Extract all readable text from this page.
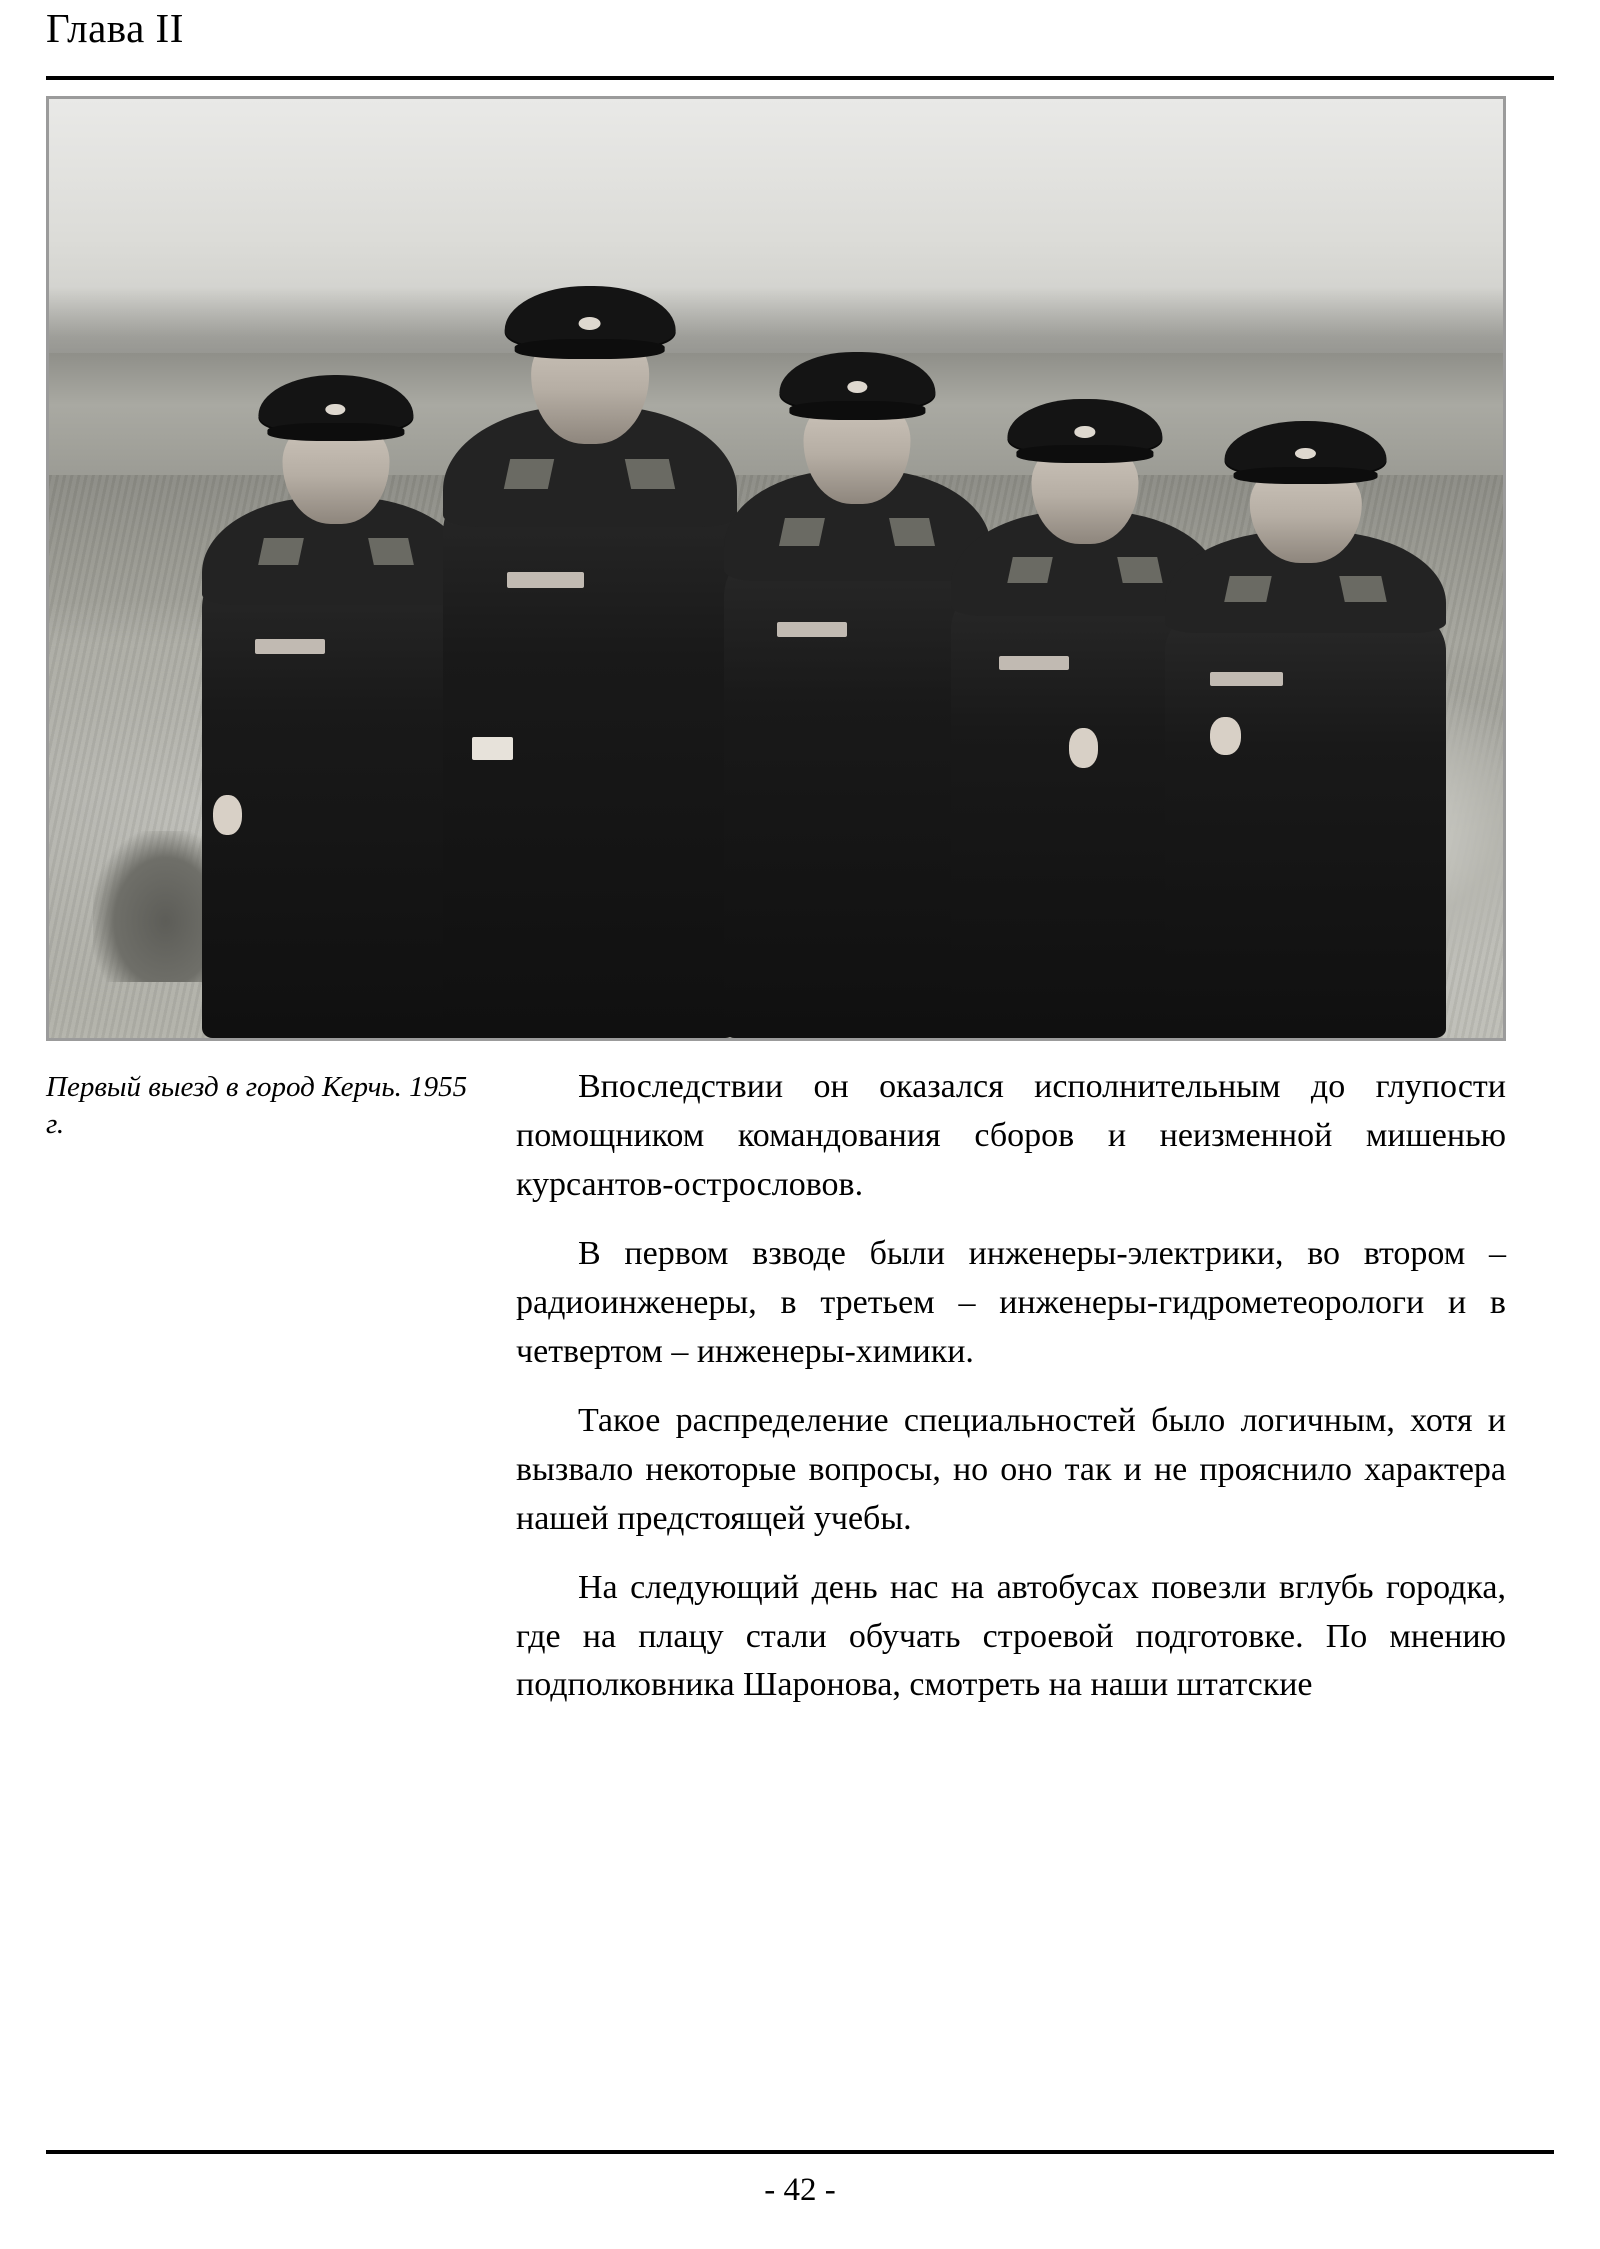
Глава II
Первый выезд в город Керчь. 1955 г.

Впоследствии он оказался исполнительным до глупости помощником командования сборов и неизменной мишенью курсантов-острословов.

В первом взводе были инженеры-электрики, во втором – радиоинженеры, в третьем – инженеры-гидрометеорологи и в четвертом – инженеры-химики.

Такое распределение специальностей было логичным, хотя и вызвало некоторые вопросы, но оно так и не прояснило характера нашей предстоящей учебы.

На следующий день нас на автобусах повезли вглубь городка, где на плацу стали обучать строевой подготовке. По мнению подполковника Шаронова, смотреть на наши штатские

- 42 -
